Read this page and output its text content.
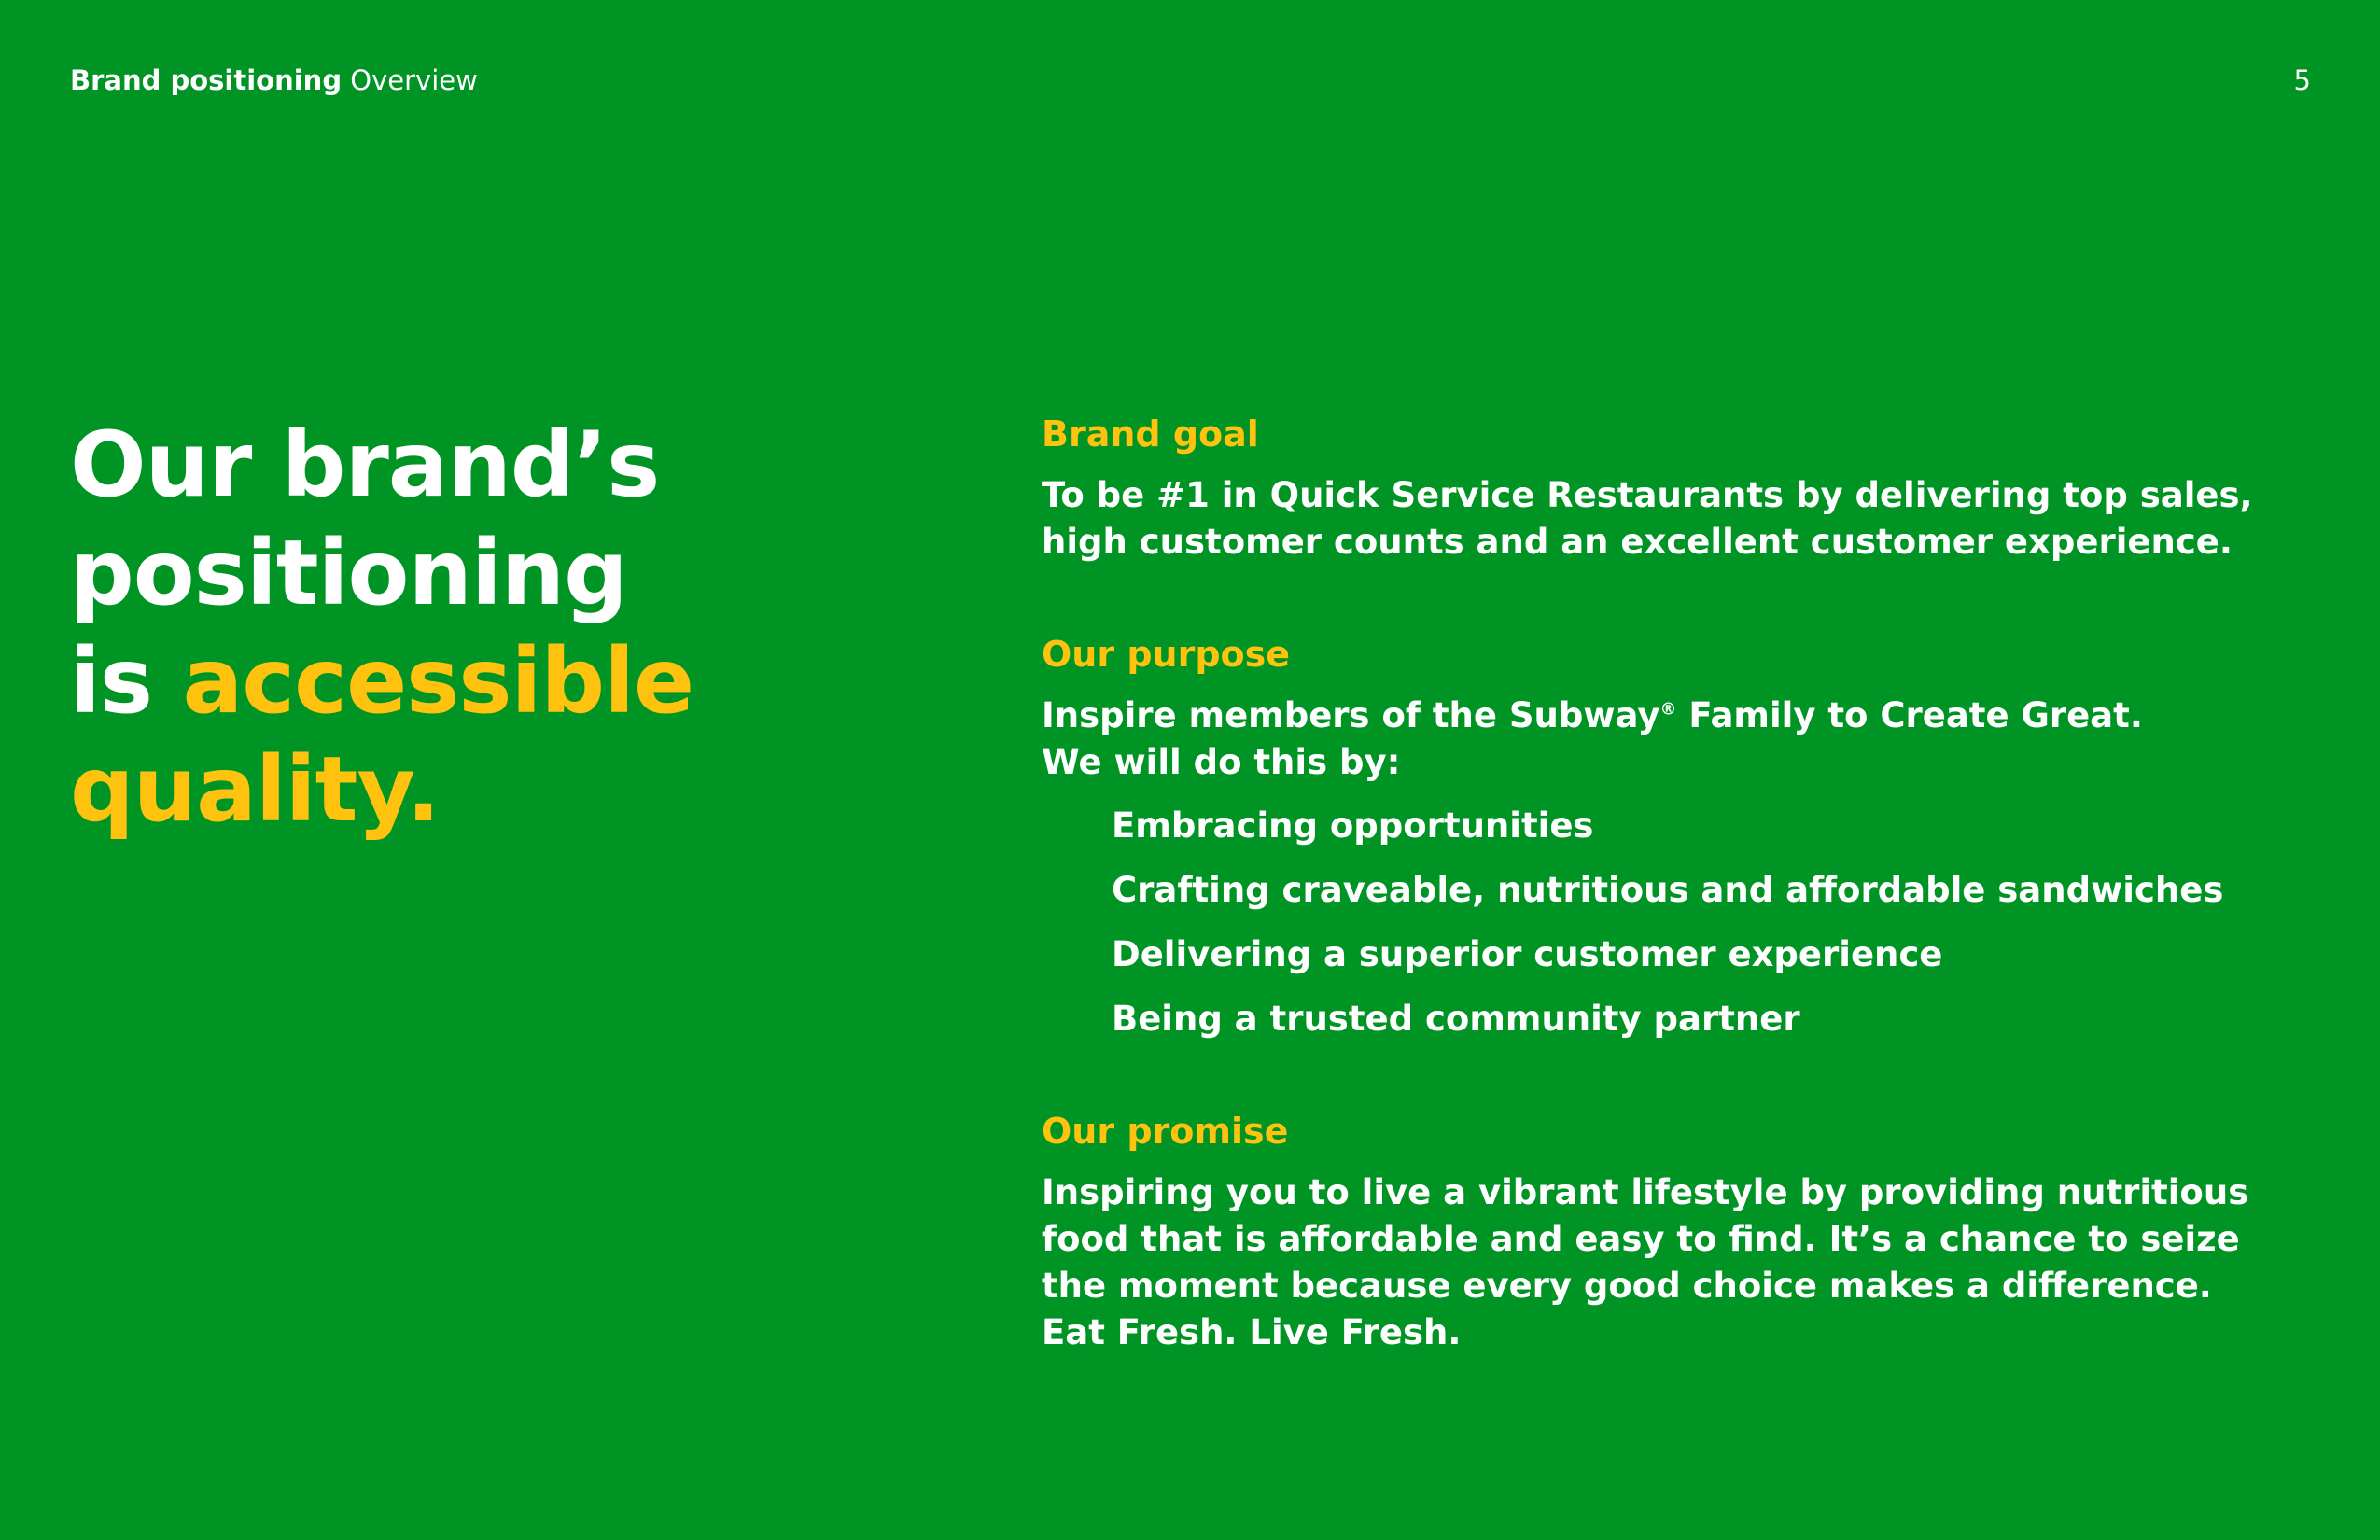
Brand positioning Overview	5
Our brand’s
positioning
is accessible
quality.
Brand goal

To be #1 in Quick Service Restaurants by delivering top sales,
high customer counts and an excellent customer experience.

Our purpose

Inspire members of the Subway® Family to Create Great.
We will do this by:

Embracing opportunities
Crafting craveable, nutritious and affordable sandwiches
Delivering a superior customer experience
Being a trusted community partner
Our promise

Inspiring you to live a vibrant lifestyle by providing nutritious
food that is affordable and easy to find. It’s a chance to seize
the moment because every good choice makes a difference.
Eat Fresh. Live Fresh.
